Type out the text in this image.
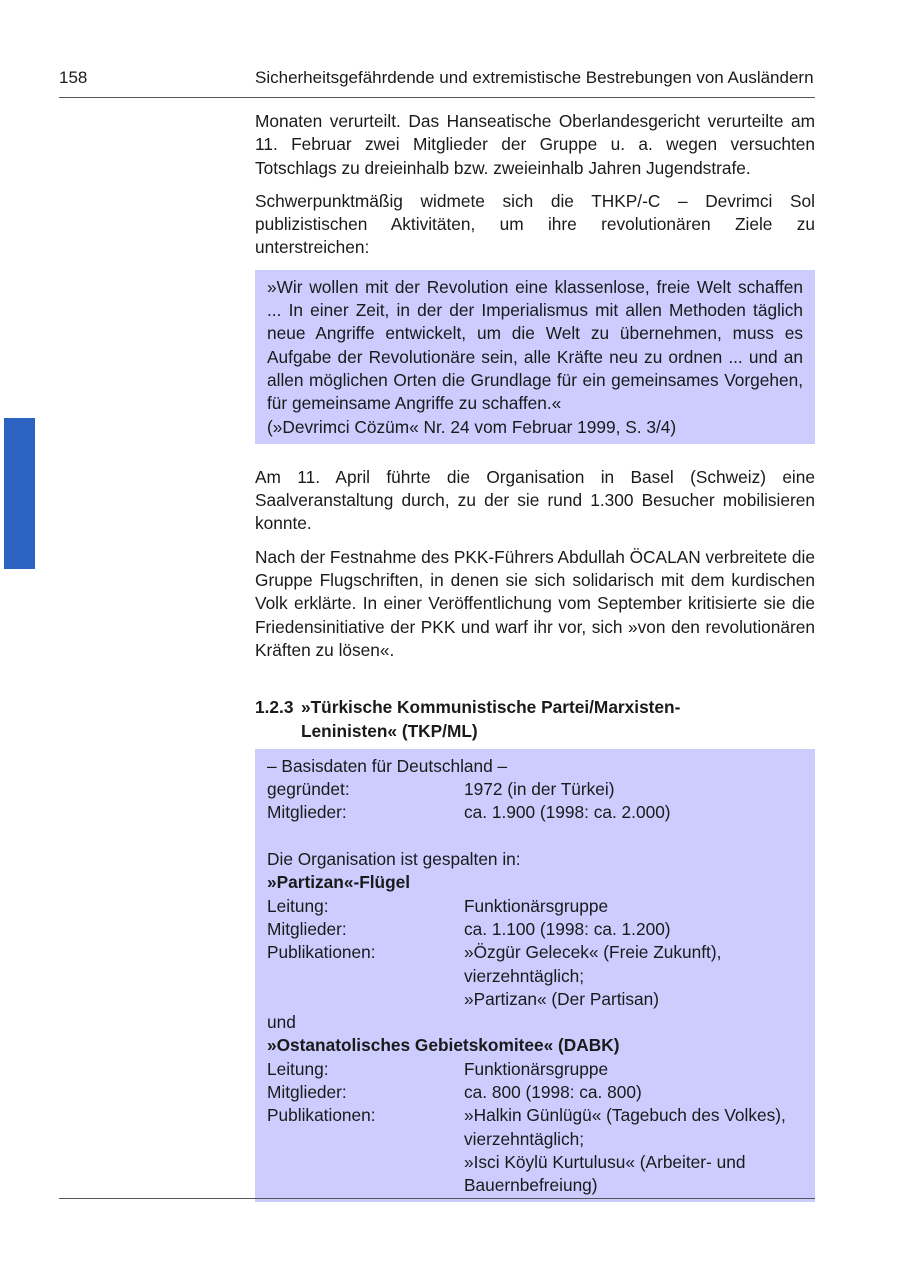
158	Sicherheitsgefährdende und extremistische Bestrebungen von Ausländern

Monaten verurteilt. Das Hanseatische Oberlandesgericht verurteilte am 11. Februar zwei Mitglieder der Gruppe u. a. wegen versuchten Totschlags zu dreieinhalb bzw. zweieinhalb Jahren Jugendstrafe.

Schwerpunktmäßig widmete sich die THKP/-C – Devrimci Sol publizistischen Aktivitäten, um ihre revolutionären Ziele zu unterstreichen:

»Wir wollen mit der Revolution eine klassenlose, freie Welt schaffen ... In einer Zeit, in der der Imperialismus mit allen Methoden täglich neue Angriffe entwickelt, um die Welt zu übernehmen, muss es Aufgabe der Revolutionäre sein, alle Kräfte neu zu ordnen ... und an allen möglichen Orten die Grundlage für ein gemeinsames Vorgehen, für gemeinsame Angriffe zu schaffen.«

(»Devrimci Cözüm« Nr. 24 vom Februar 1999, S. 3/4)

Am 11. April führte die Organisation in Basel (Schweiz) eine Saalveranstaltung durch, zu der sie rund 1.300 Besucher mobilisieren konnte.

Nach der Festnahme des PKK-Führers Abdullah ÖCALAN verbreitete die Gruppe Flugschriften, in denen sie sich solidarisch mit dem kurdischen Volk erklärte. In einer Veröffentlichung vom September kritisierte sie die Friedensinitiative der PKK und warf ihr vor, sich »von den revolutionären Kräften zu lösen«.

1.2.3 »Türkische Kommunistische Partei/Marxisten-
Leninisten« (TKP/ML)
– Basisdaten für Deutschland –
gegründet:	1972 (in der Türkei)
Mitglieder:	ca. 1.900 (1998: ca. 2.000)
Die Organisation ist gespalten in:
»Partizan«-Flügel
Leitung:	Funktionärsgruppe
Mitglieder:	ca. 1.100 (1998: ca. 1.200)
Publikationen:	»Özgür Gelecek« (Freie Zukunft),
vierzehntäglich;
»Partizan« (Der Partisan)
und
»Ostanatolisches Gebietskomitee« (DABK)
Leitung:	Funktionärsgruppe
Mitglieder:	ca. 800 (1998: ca. 800)
Publikationen:	»Halkin Günlügü« (Tagebuch des Volkes),
vierzehntäglich;
»Isci Köylü Kurtulusu« (Arbeiter- und
Bauernbefreiung)
